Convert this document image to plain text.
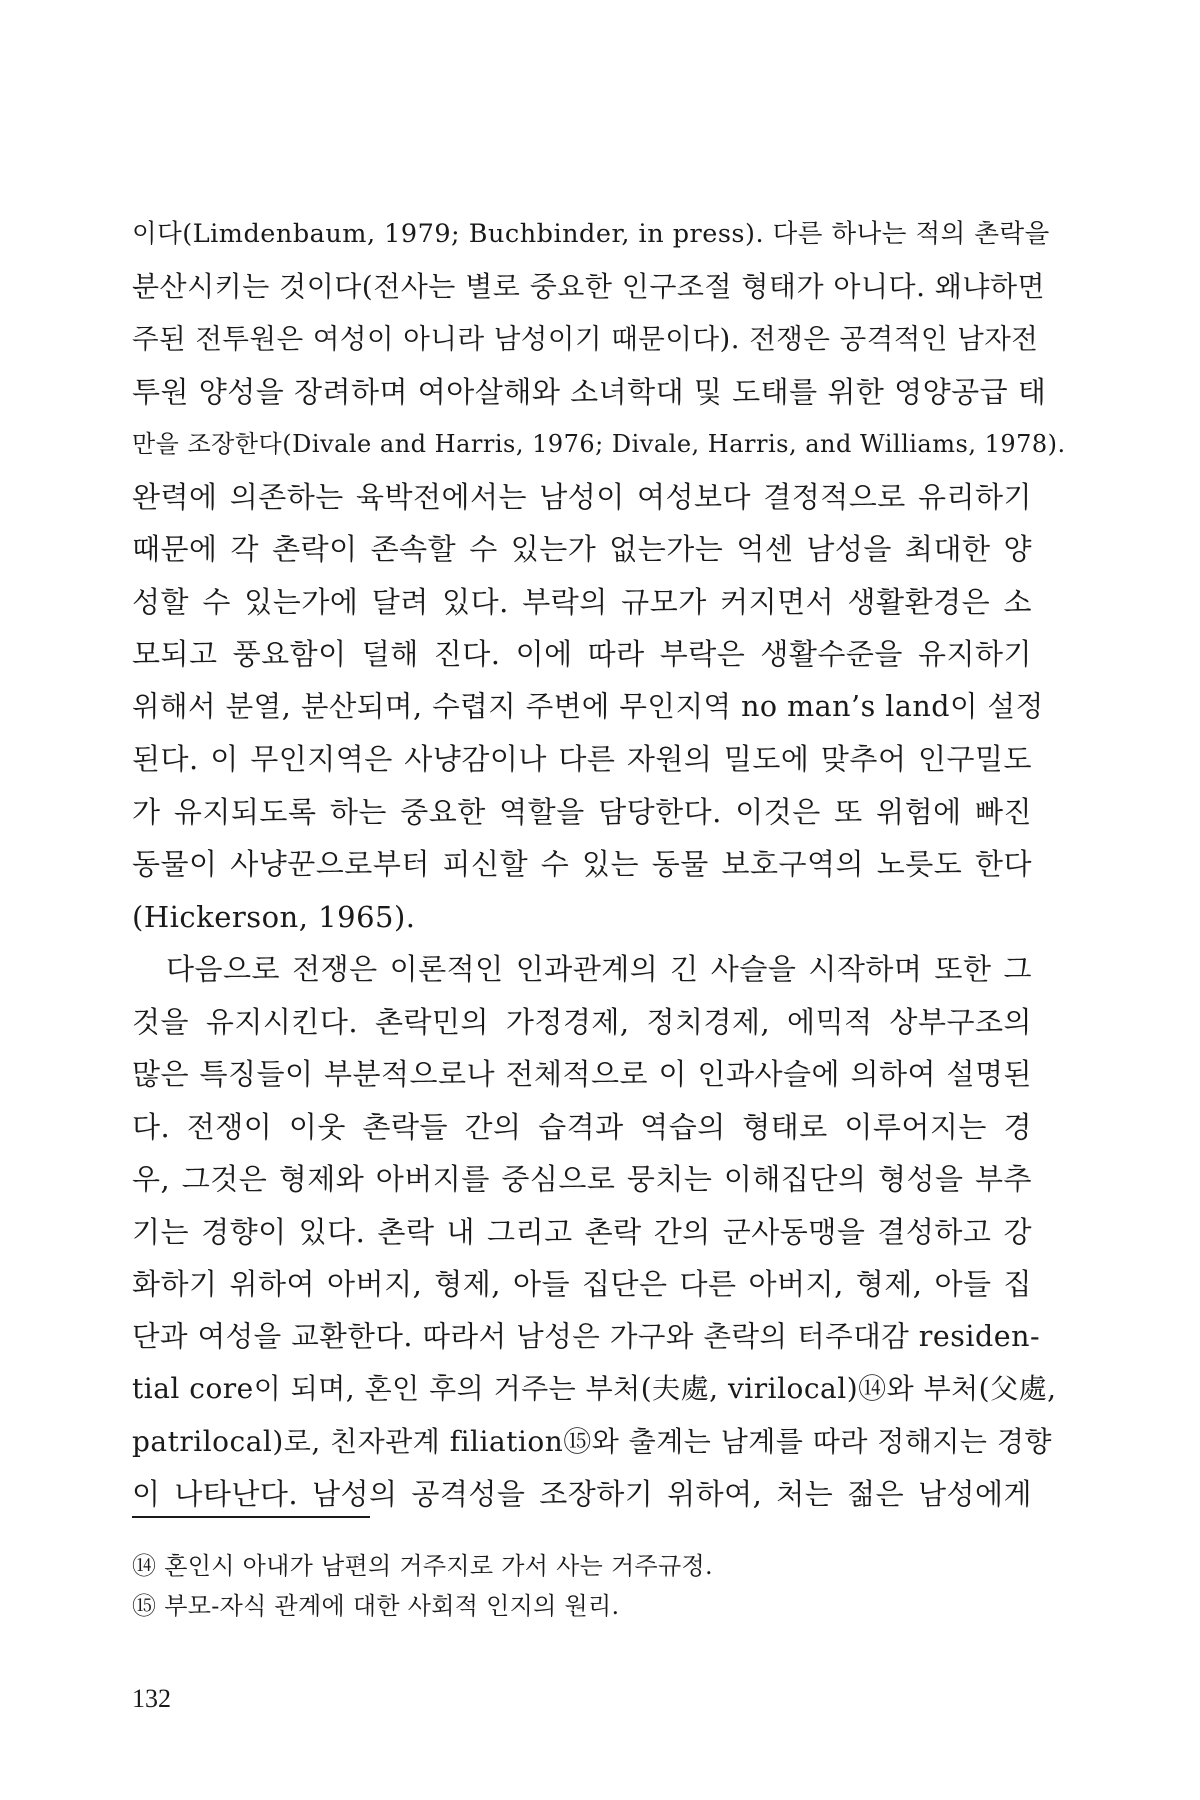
이다(Limdenbaum, 1979; Buchbinder, in press). 다른 하나는 적의 촌락을
분산시키는 것이다(전사는 별로 중요한 인구조절 형태가 아니다. 왜냐하면
주된 전투원은 여성이 아니라 남성이기 때문이다). 전쟁은 공격적인 남자전
투원 양성을 장려하며 여아살해와 소녀학대 및 도태를 위한 영양공급 태
만을 조장한다(Divale and Harris, 1976; Divale, Harris, and Williams, 1978).
완력에 의존하는 육박전에서는 남성이 여성보다 결정적으로 유리하기
때문에 각 촌락이 존속할 수 있는가 없는가는 억센 남성을 최대한 양
성할 수 있는가에 달려 있다. 부락의 규모가 커지면서 생활환경은 소
모되고 풍요함이 덜해 진다. 이에 따라 부락은 생활수준을 유지하기
위해서 분열, 분산되며, 수렵지 주변에 무인지역 no man’s land이 설정
된다. 이 무인지역은 사냥감이나 다른 자원의 밀도에 맞추어 인구밀도
가 유지되도록 하는 중요한 역할을 담당한다. 이것은 또 위험에 빠진
동물이 사냥꾼으로부터 피신할 수 있는 동물 보호구역의 노릇도 한다
(Hickerson, 1965).
다음으로 전쟁은 이론적인 인과관계의 긴 사슬을 시작하며 또한 그
것을 유지시킨다. 촌락민의 가정경제, 정치경제, 에믹적 상부구조의
많은 특징들이 부분적으로나 전체적으로 이 인과사슬에 의하여 설명된
다. 전쟁이 이웃 촌락들 간의 습격과 역습의 형태로 이루어지는 경
우, 그것은 형제와 아버지를 중심으로 뭉치는 이해집단의 형성을 부추
기는 경향이 있다. 촌락 내 그리고 촌락 간의 군사동맹을 결성하고 강
화하기 위하여 아버지, 형제, 아들 집단은 다른 아버지, 형제, 아들 집
단과 여성을 교환한다. 따라서 남성은 가구와 촌락의 터주대감 residen-
tial core이 되며, 혼인 후의 거주는 부처(夫處, virilocal)⑭와 부처(父處,
patrilocal)로, 친자관계 filiation⑮와 출계는 남계를 따라 정해지는 경향
이 나타난다. 남성의 공격성을 조장하기 위하여, 처는 젊은 남성에게
⑭ 혼인시 아내가 남편의 거주지로 가서 사는 거주규정.
⑮ 부모-자식 관계에 대한 사회적 인지의 원리.
132
